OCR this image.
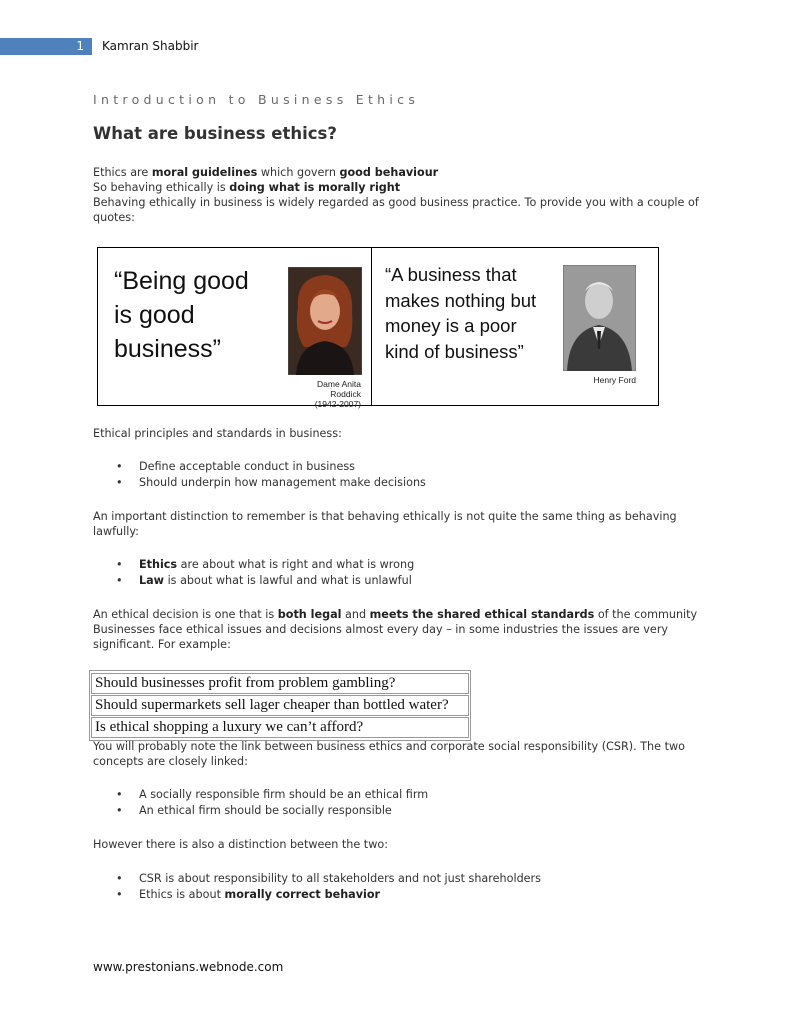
1 Kamran Shabbir
Introduction to Business Ethics
What are business ethics?

Ethics are moral guidelines which govern good behaviour

So behaving ethically is doing what is morally right

Behaving ethically in business is widely regarded as good business practice. To provide you with a couple of quotes:

“Being good
is good
business”
Dame Anita Roddick
(1942-2007)
“A business that
makes nothing but
money is a poor
kind of business”
Henry Ford

Ethical principles and standards in business:

• Define acceptable conduct in business
• Should underpin how management make decisions

An important distinction to remember is that behaving ethically is not quite the same thing as behaving lawfully:

• Ethics are about what is right and what is wrong
• Law is about what is lawful and what is unlawful

An ethical decision is one that is both legal and meets the shared ethical standards of the community Businesses face ethical issues and decisions almost every day – in some industries the issues are very significant. For example:

Should businesses profit from problem gambling?
Should supermarkets sell lager cheaper than bottled water?
Is ethical shopping a luxury we can’t afford?

You will probably note the link between business ethics and corporate social responsibility (CSR). The two concepts are closely linked:

• A socially responsible firm should be an ethical firm
• An ethical firm should be socially responsible

However there is also a distinction between the two:

• CSR is about responsibility to all stakeholders and not just shareholders
• Ethics is about morally correct behavior
www.prestonians.webnode.com
